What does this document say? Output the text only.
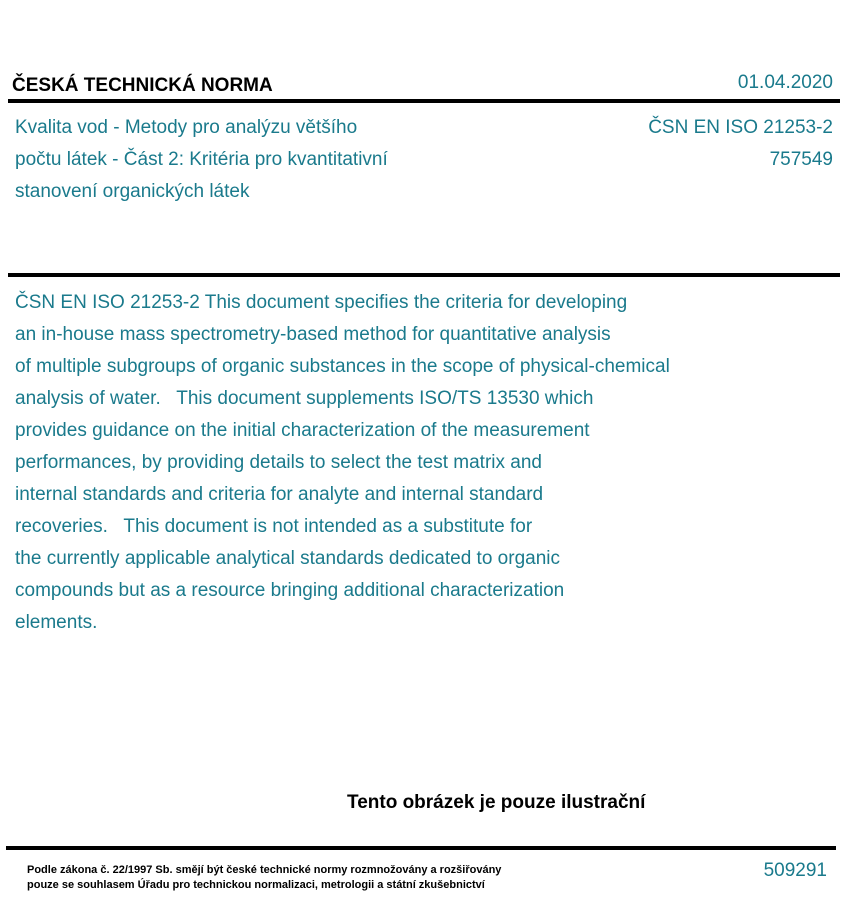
ČESKÁ TECHNICKÁ NORMA	01.04.2020
Kvalita vod - Metody pro analýzu většího
počtu látek - Část 2: Kritéria pro kvantitativní
stanovení organických látek
ČSN EN ISO 21253-2
757549
ČSN EN ISO 21253-2 This document specifies the criteria for developing
an in-house mass spectrometry-based method for quantitative analysis
of multiple subgroups of organic substances in the scope of physical-chemical
analysis of water.   This document supplements ISO/TS 13530 which
provides guidance on the initial characterization of the measurement
performances, by providing details to select the test matrix and
internal standards and criteria for analyte and internal standard
recoveries.   This document is not intended as a substitute for
the currently applicable analytical standards dedicated to organic
compounds but as a resource bringing additional characterization
elements.
Tento obrázek je pouze ilustrační
Podle zákona č. 22/1997 Sb. smějí být české technické normy rozmnožovány a rozšiřovány
pouze se souhlasem Úřadu pro technickou normalizaci, metrologii a státní zkušebnictví
509291
